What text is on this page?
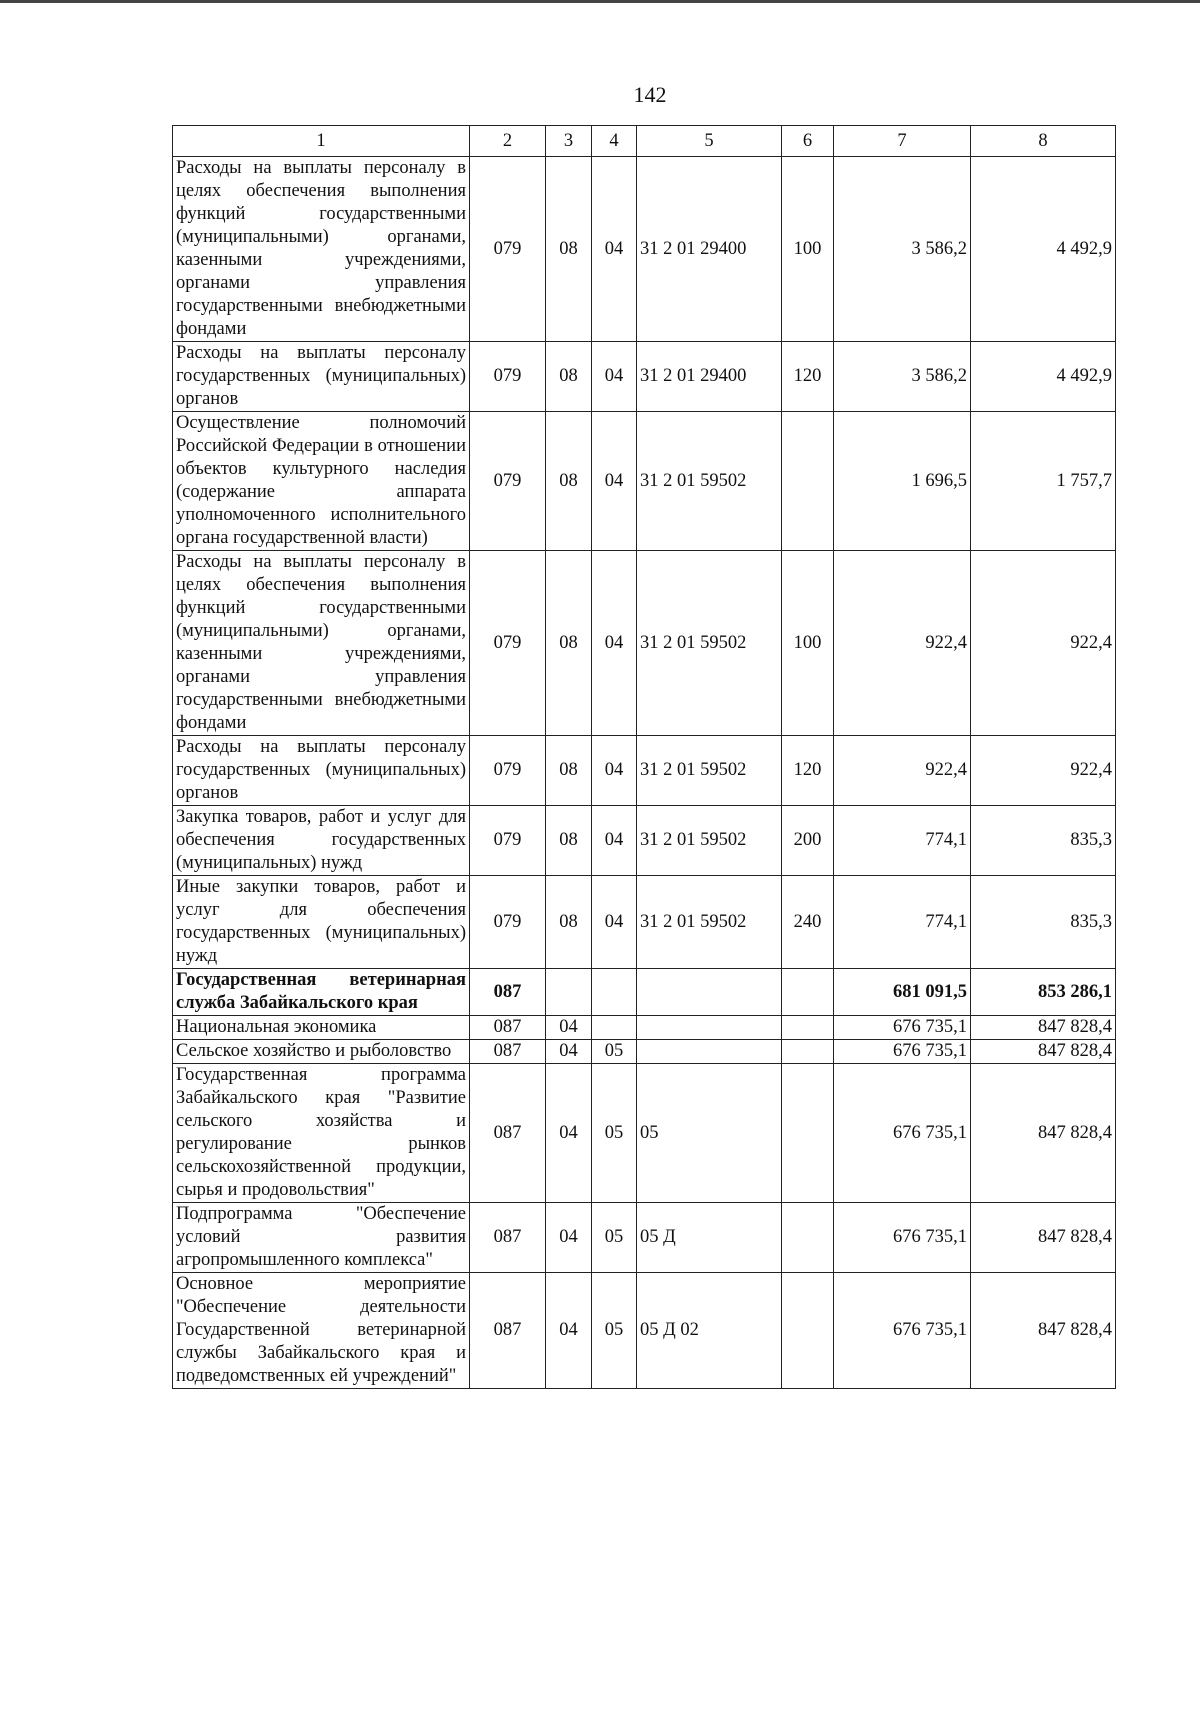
142
1	2	3	4	5	6	7	8
Расходы на выплаты персоналу в целях обеспечения выполнения функций государственными (муниципальными) органами, казенными учреждениями, органами управления государственными внебюджетными фондами	079	08	04	31 2 01 29400	100	3 586,2	4 492,9
Расходы на выплаты персоналу государственных (муниципальных) органов	079	08	04	31 2 01 29400	120	3 586,2	4 492,9
Осуществление полномочий Российской Федерации в отношении объектов культурного наследия (содержание аппарата уполномоченного исполнительного органа государственной власти)	079	08	04	31 2 01 59502		1 696,5	1 757,7
Расходы на выплаты персоналу в целях обеспечения выполнения функций государственными (муниципальными) органами, казенными учреждениями, органами управления государственными внебюджетными фондами	079	08	04	31 2 01 59502	100	922,4	922,4
Расходы на выплаты персоналу государственных (муниципальных) органов	079	08	04	31 2 01 59502	120	922,4	922,4
Закупка товаров, работ и услуг для обеспечения государственных (муниципальных) нужд	079	08	04	31 2 01 59502	200	774,1	835,3
Иные закупки товаров, работ и услуг для обеспечения государственных (муниципальных) нужд	079	08	04	31 2 01 59502	240	774,1	835,3
Государственная ветеринарная служба Забайкальского края	087					681 091,5	853 286,1
Национальная экономика	087	04				676 735,1	847 828,4
Сельское хозяйство и рыболовство	087	04	05			676 735,1	847 828,4
Государственная программа Забайкальского края "Развитие сельского хозяйства и регулирование рынков сельскохозяйственной продукции, сырья и продовольствия"	087	04	05	05		676 735,1	847 828,4
Подпрограмма "Обеспечение условий развития агропромышленного комплекса"	087	04	05	05 Д		676 735,1	847 828,4
Основное мероприятие "Обеспечение деятельности Государственной ветеринарной службы Забайкальского края и подведомственных ей учреждений"	087	04	05	05 Д 02		676 735,1	847 828,4
